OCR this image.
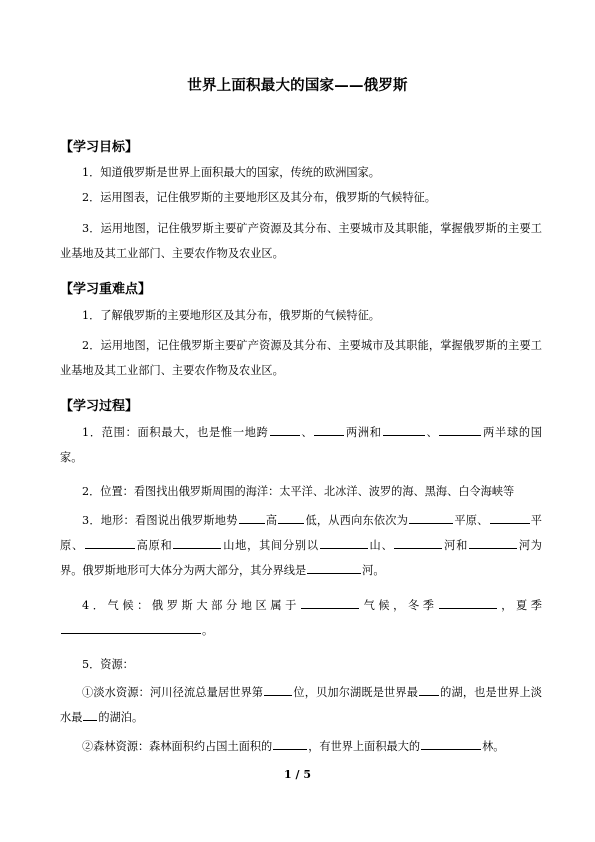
世界上面积最大的国家——俄罗斯
【学习目标】
1．知道俄罗斯是世界上面积最大的国家，传统的欧洲国家。
2．运用图表，记住俄罗斯的主要地形区及其分布，俄罗斯的气候特征。
3．运用地图，记住俄罗斯主要矿产资源及其分布、主要城市及其职能，掌握俄罗斯的主要工业基地及其工业部门、主要农作物及农业区。
【学习重难点】
1．了解俄罗斯的主要地形区及其分布，俄罗斯的气候特征。
2．运用地图，记住俄罗斯主要矿产资源及其分布、主要城市及其职能，掌握俄罗斯的主要工业基地及其工业部门、主要农作物及农业区。
【学习过程】
1．范围：面积最大，也是惟一地跨	、	两洲和	、	两半球的国家。
2．位置：看图找出俄罗斯周围的海洋：太平洋、北冰洋、波罗的海、黑海、白令海峡等
3．地形：看图说出俄罗斯地势	高	低，从西向东依次为	平原、	平原、	高原和	山地，其间分别以	山、	河和	河为界。俄罗斯地形可大体分为两大部分，其分界线是	河。
4．气候：俄罗斯大部分地区属于	气候，冬季	，夏季。
5．资源：
①淡水资源：河川径流总量居世界第	位，贝加尔湖既是世界最 的湖，也是世界上淡水最 的湖泊。
②森林资源：森林面积约占国土面积的	，有世界上面积最大的	林。
1 / 5
